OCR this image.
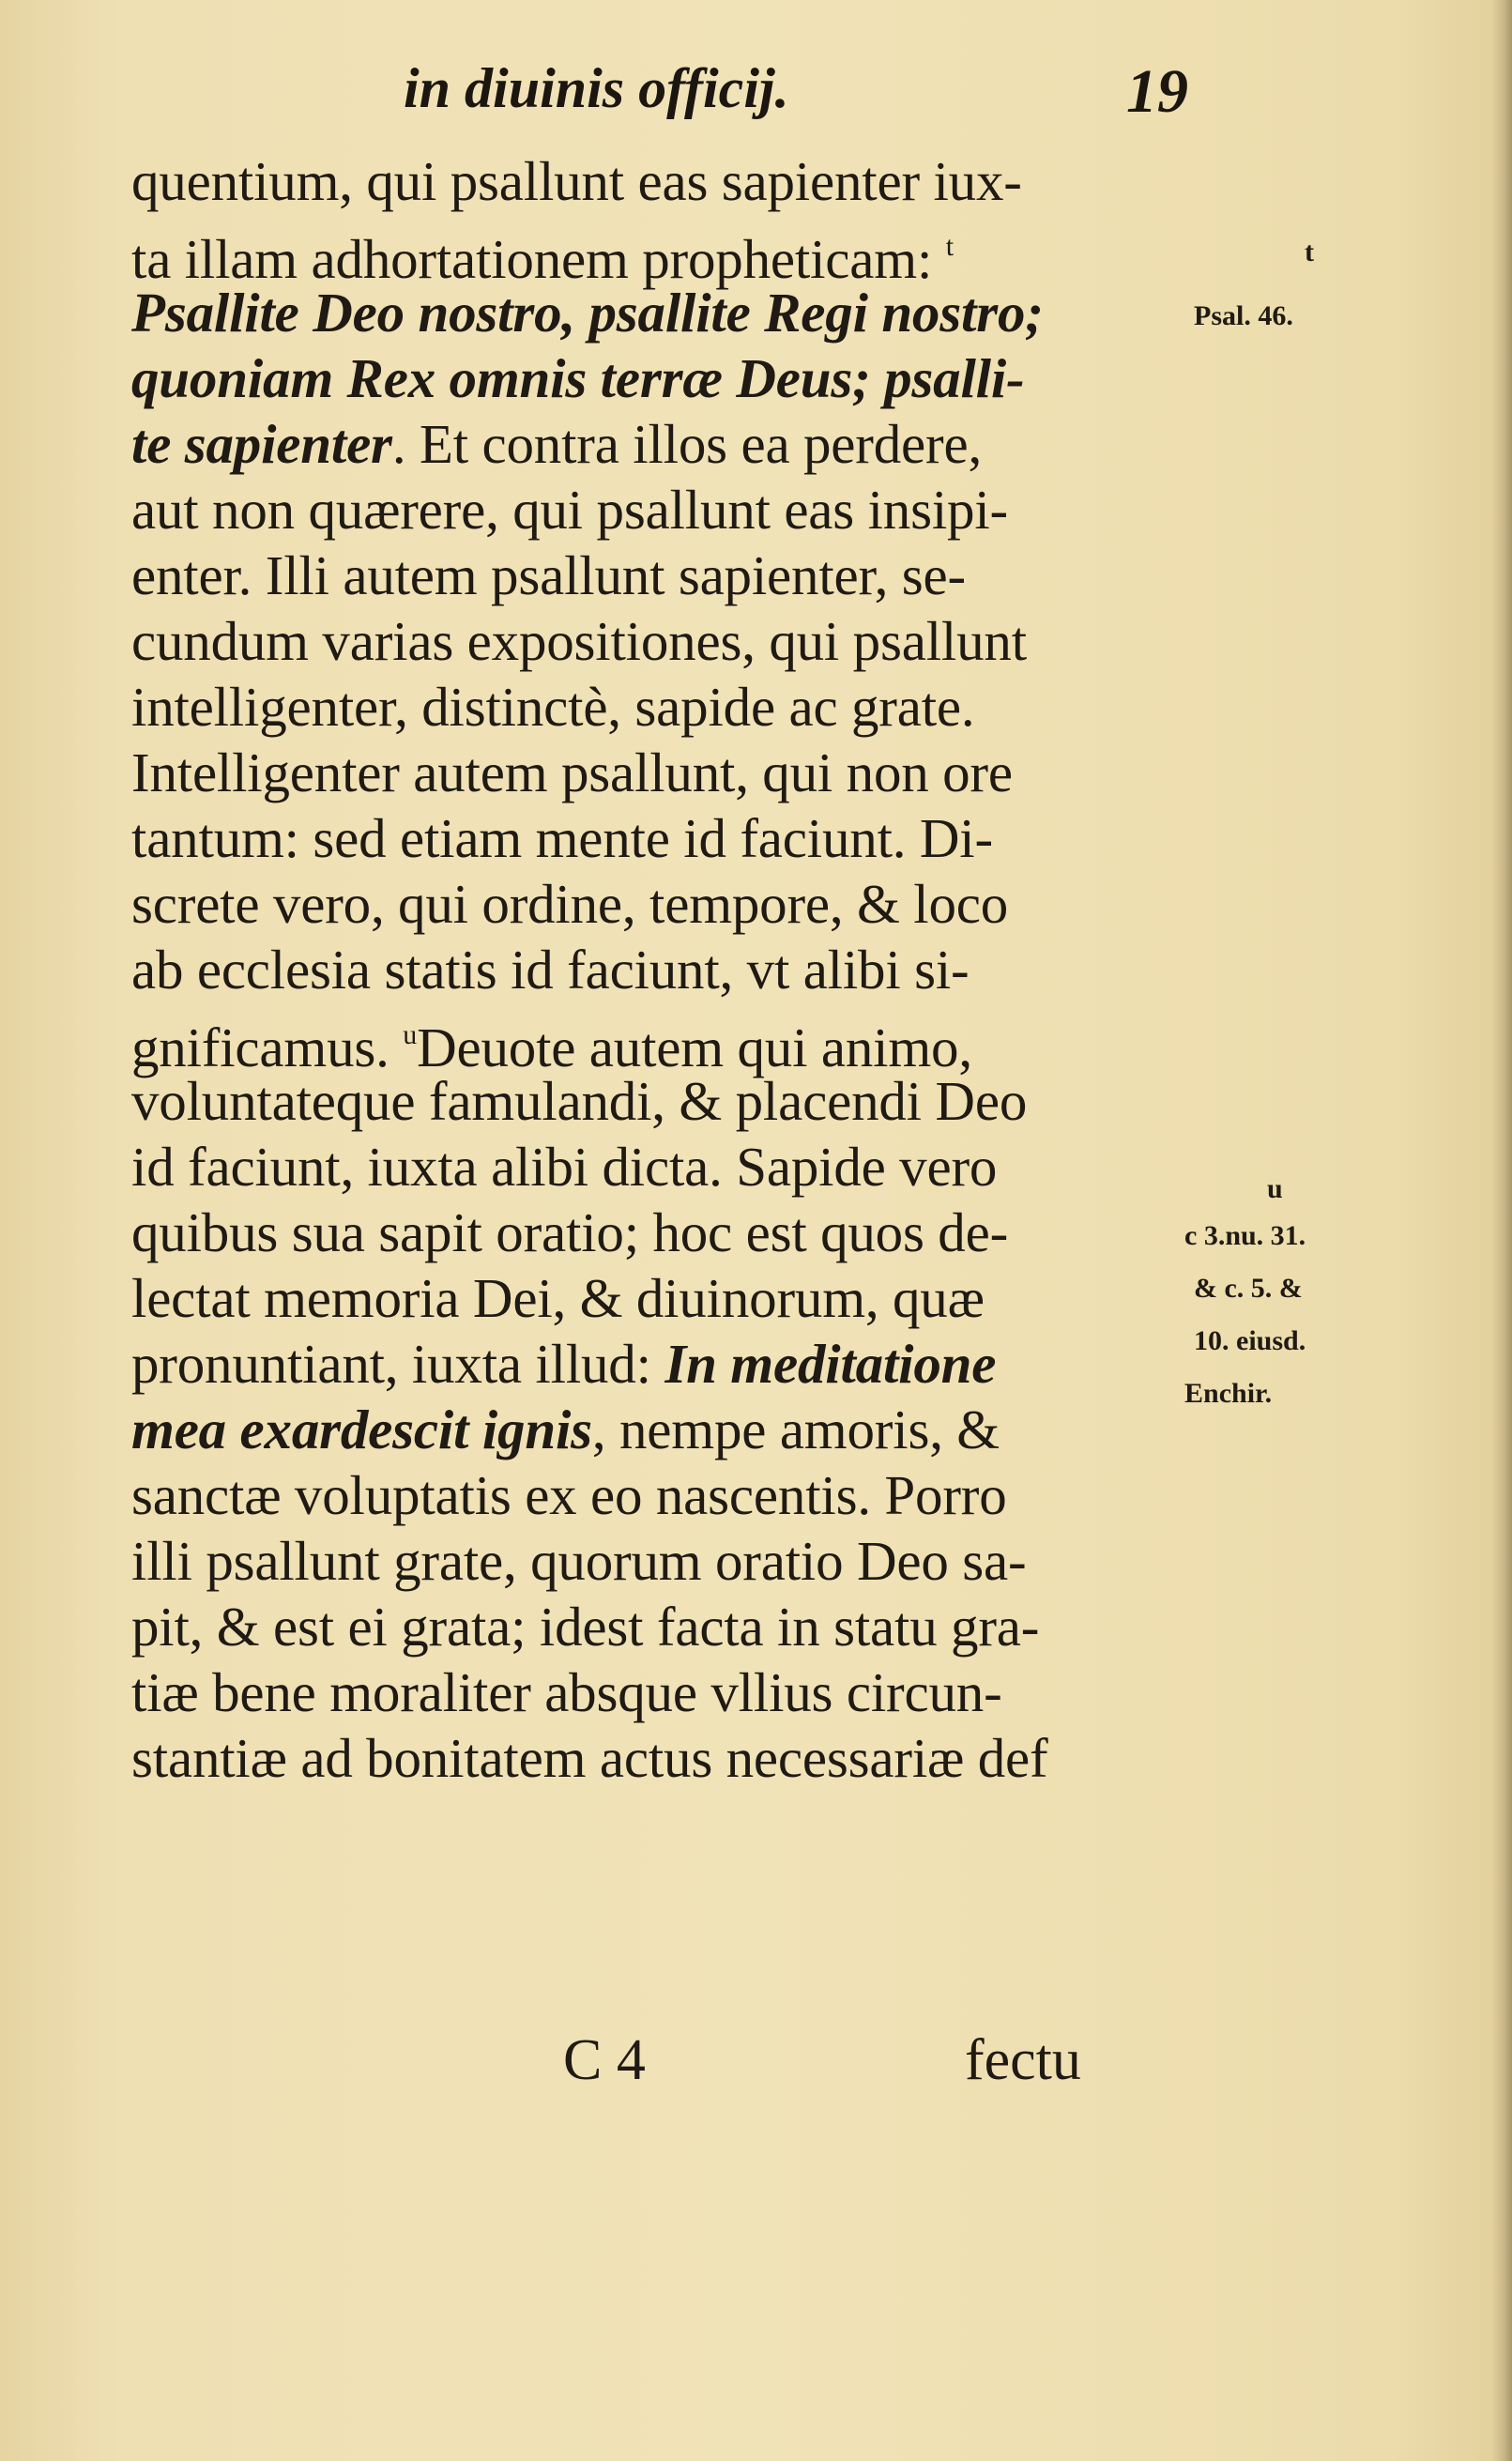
in diuinis officij.	19
quentium, qui psallunt eas sapienter iux-
ta illam adhortationem propheticam: $^t$
Psallite Deo nostro, psallite Regi nostro;
quoniam Rex omnis terræ Deus; psalli-
te sapienter. Et contra illos ea perdere,
aut non quærere, qui psallunt eas insipi-
enter. Illi autem psallunt sapienter, se-
cundum varias expositiones, qui psallunt
intelligenter, distinctè, sapide ac grate.
Intelligenter autem psallunt, qui non ore
tantum: sed etiam mente id faciunt. Di-
screte vero, qui ordine, tempore, & loco
ab ecclesia statis id faciunt, vt alibi si-
gnificamus. $^u$Deuote autem qui animo,
voluntateque famulandi, & placendi Deo
id faciunt, iuxta alibi dicta. Sapide vero
quibus sua sapit oratio; hoc est quos de-
lectat memoria Dei, & diuinorum, quæ
pronuntiant, iuxta illud: In meditatione
mea exardescit ignis, nempe amoris, &
sanctæ voluptatis ex eo nascentis. Porro
illi psallunt grate, quorum oratio Deo sa-
pit, & est ei grata; idest facta in statu gra-
tiæ bene moraliter absque vllius circun-
stantiæ ad bonitatem actus necessariæ def
t
Psal. 46.
u
c 3.nu. 31.
& c. 5. &
10. eiusd.
Enchir.
C 4	fectu
